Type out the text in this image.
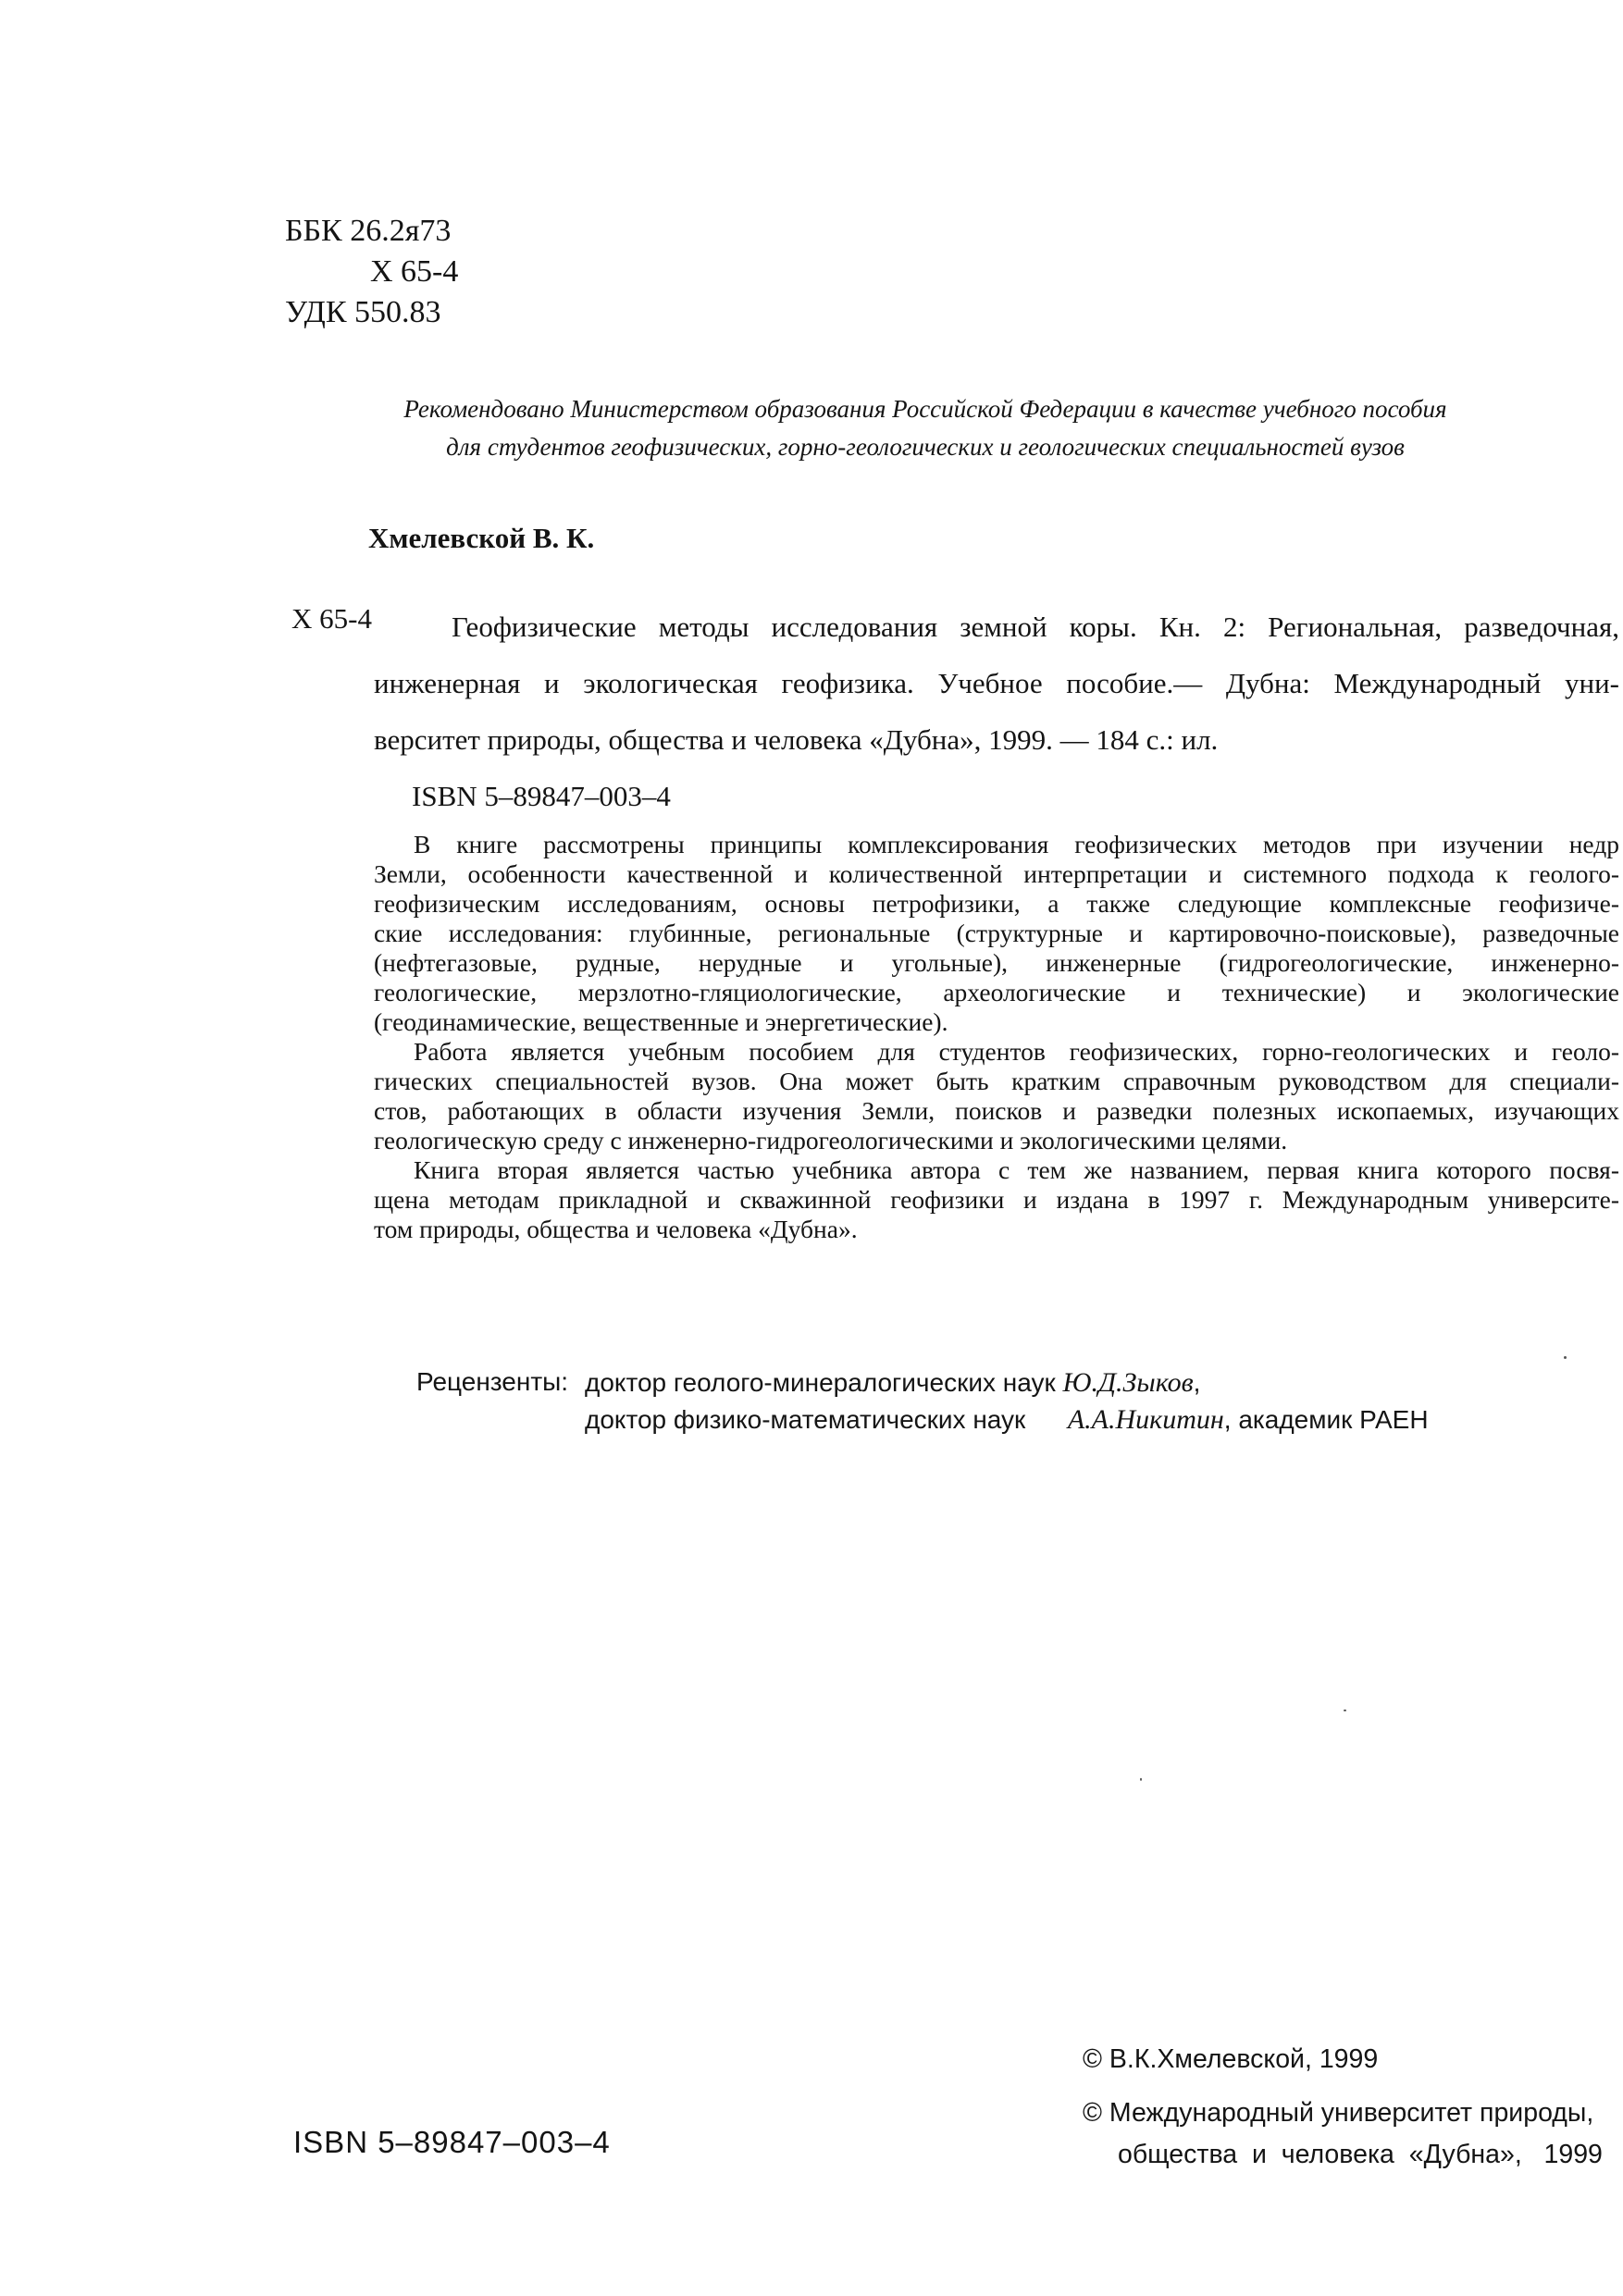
ББК 26.2я73
Х 65-4
УДК 550.83
Рекомендовано Министерством образования Российской Федерации в качестве учебного пособия
для студентов геофизических, горно-геологических и геологических специальностей вузов
Хмелевской В. К.
Х 65-4	Геофизические методы исследования земной коры. Кн. 2: Региональная, разведочная,
инженерная и экологическая геофизика. Учебное пособие.— Дубна: Международный уни-
верситет природы, общества и человека «Дубна», 1999. — 184 с.: ил.
ISBN 5–89847–003–4
В книге рассмотрены принципы комплексирования геофизических методов при изучении недр
Земли, особенности качественной и количественной интерпретации и системного подхода к геолого-
геофизическим исследованиям, основы петрофизики, а также следующие комплексные геофизиче-
ские исследования: глубинные, региональные (структурные и картировочно-поисковые), разведочные
(нефтегазовые, рудные, нерудные и угольные), инженерные (гидрогеологические, инженерно-
геологические, мерзлотно-гляциологические, археологические и технические) и экологические
(геодинамические, вещественные и энергетические).
Работа является учебным пособием для студентов геофизических, горно-геологических и геоло-
гических специальностей вузов. Она может быть кратким справочным руководством для специали-
стов, работающих в области изучения Земли, поисков и разведки полезных ископаемых, изучающих
геологическую среду с инженерно-гидрогеологическими и экологическими целями.
Книга вторая является частью учебника автора с тем же названием, первая книга которого посвя-
щена методам прикладной и скважинной геофизики и издана в 1997 г. Международным университе-
том природы, общества и человека «Дубна».
Рецензенты: доктор геолого-минералогических наук Ю.Д.Зыков,
доктор физико-математических наук А.А.Никитин, академик РАЕН
ISBN 5–89847–003–4
© В.К.Хмелевской, 1999
© Международный университет природы,
общества  и  человека  «Дубна»,   1999
